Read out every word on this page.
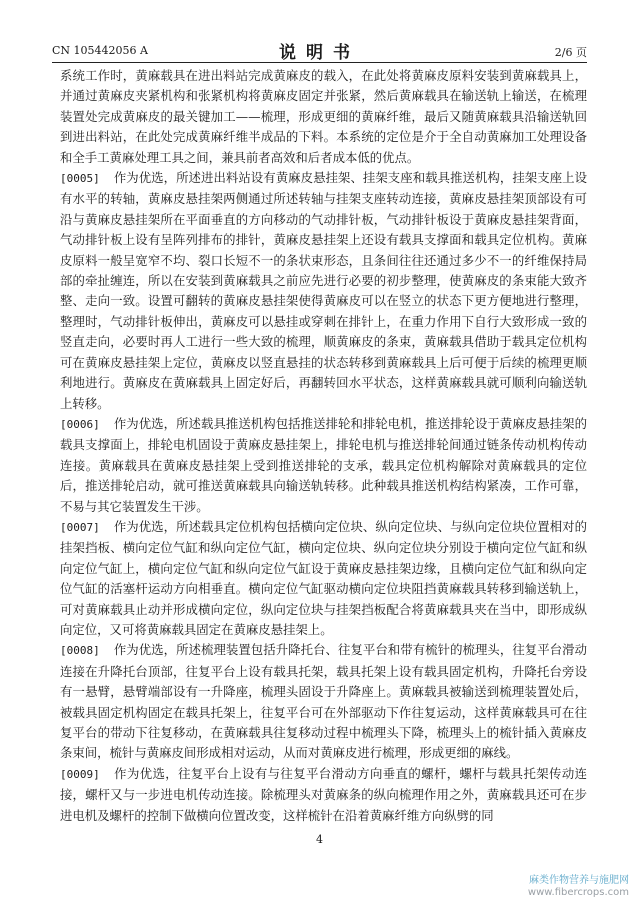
CN 105442056 A	说明书	2/6 页

系统工作时，黄麻载具在进出料站完成黄麻皮的载入，在此处将黄麻皮原料安装到黄麻载具上，并通过黄麻皮夹紧机构和张紧机构将黄麻皮固定并张紧，然后黄麻载具在输送轨上输送，在梳理装置处完成黄麻皮的最关键加工——梳理，形成更细的黄麻纤维，最后又随黄麻载具沿输送轨回到进出料站，在此处完成黄麻纤维半成品的下料。本系统的定位是介于全自动黄麻加工处理设备和全手工黄麻处理工具之间，兼具前者高效和后者成本低的优点。

[0005] 作为优选，所述进出料站设有黄麻皮悬挂架、挂架支座和载具推送机构，挂架支座上设有水平的转轴，黄麻皮悬挂架两侧通过所述转轴与挂架支座转动连接，黄麻皮悬挂架顶部设有可沿与黄麻皮悬挂架所在平面垂直的方向移动的气动排针板，气动排针板设于黄麻皮悬挂架背面，气动排针板上设有呈阵列排布的排针，黄麻皮悬挂架上还设有载具支撑面和载具定位机构。黄麻皮原料一般呈宽窄不均、裂口长短不一的条状束形态，且条间往往还通过多少不一的纤维保持局部的牵扯缠连，所以在安装到黄麻载具之前应先进行必要的初步整理，使黄麻皮的条束能大致齐整、走向一致。设置可翻转的黄麻皮悬挂架使得黄麻皮可以在竖立的状态下更方便地进行整理，整理时，气动排针板伸出，黄麻皮可以悬挂或穿刺在排针上，在重力作用下自行大致形成一致的竖直走向，必要时再人工进行一些大致的梳理，顺黄麻皮的条束，黄麻载具借助于载具定位机构可在黄麻皮悬挂架上定位，黄麻皮以竖直悬挂的状态转移到黄麻载具上后可便于后续的梳理更顺利地进行。黄麻皮在黄麻载具上固定好后，再翻转回水平状态，这样黄麻载具就可顺利向输送轨上转移。

[0006] 作为优选，所述载具推送机构包括推送排轮和排轮电机，推送排轮设于黄麻皮悬挂架的载具支撑面上，排轮电机固设于黄麻皮悬挂架上，排轮电机与推送排轮间通过链条传动机构传动连接。黄麻载具在黄麻皮悬挂架上受到推送排轮的支承，载具定位机构解除对黄麻载具的定位后，推送排轮启动，就可推送黄麻载具向输送轨转移。此种载具推送机构结构紧凑，工作可靠，不易与其它装置发生干涉。

[0007] 作为优选，所述载具定位机构包括横向定位块、纵向定位块、与纵向定位块位置相对的挂架挡板、横向定位气缸和纵向定位气缸，横向定位块、纵向定位块分别设于横向定位气缸和纵向定位气缸上，横向定位气缸和纵向定位气缸设于黄麻皮悬挂架边缘，且横向定位气缸和纵向定位气缸的活塞杆运动方向相垂直。横向定位气缸驱动横向定位块阻挡黄麻载具转移到输送轨上，可对黄麻载具止动并形成横向定位，纵向定位块与挂架挡板配合将黄麻载具夹在当中，即形成纵向定位，又可将黄麻载具固定在黄麻皮悬挂架上。

[0008] 作为优选，所述梳理装置包括升降托台、往复平台和带有梳针的梳理头，往复平台滑动连接在升降托台顶部，往复平台上设有载具托架，载具托架上设有载具固定机构，升降托台旁设有一悬臂，悬臂端部设有一升降座，梳理头固设于升降座上。黄麻载具被输送到梳理装置处后，被载具固定机构固定在载具托架上，往复平台可在外部驱动下作往复运动，这样黄麻载具可在往复平台的带动下往复移动，在黄麻载具往复移动过程中梳理头下降，梳理头上的梳针插入黄麻皮条束间，梳针与黄麻皮间形成相对运动，从而对黄麻皮进行梳理，形成更细的麻线。

[0009] 作为优选，往复平台上设有与往复平台滑动方向垂直的螺杆，螺杆与载具托架传动连接，螺杆又与一步进电机传动连接。除梳理头对黄麻条的纵向梳理作用之外，黄麻载具还可在步进电机及螺杆的控制下做横向位置改变，这样梳针在沿着黄麻纤维方向纵劈的同

4
麻类作物营养与施肥网
www.fibercrops.com
